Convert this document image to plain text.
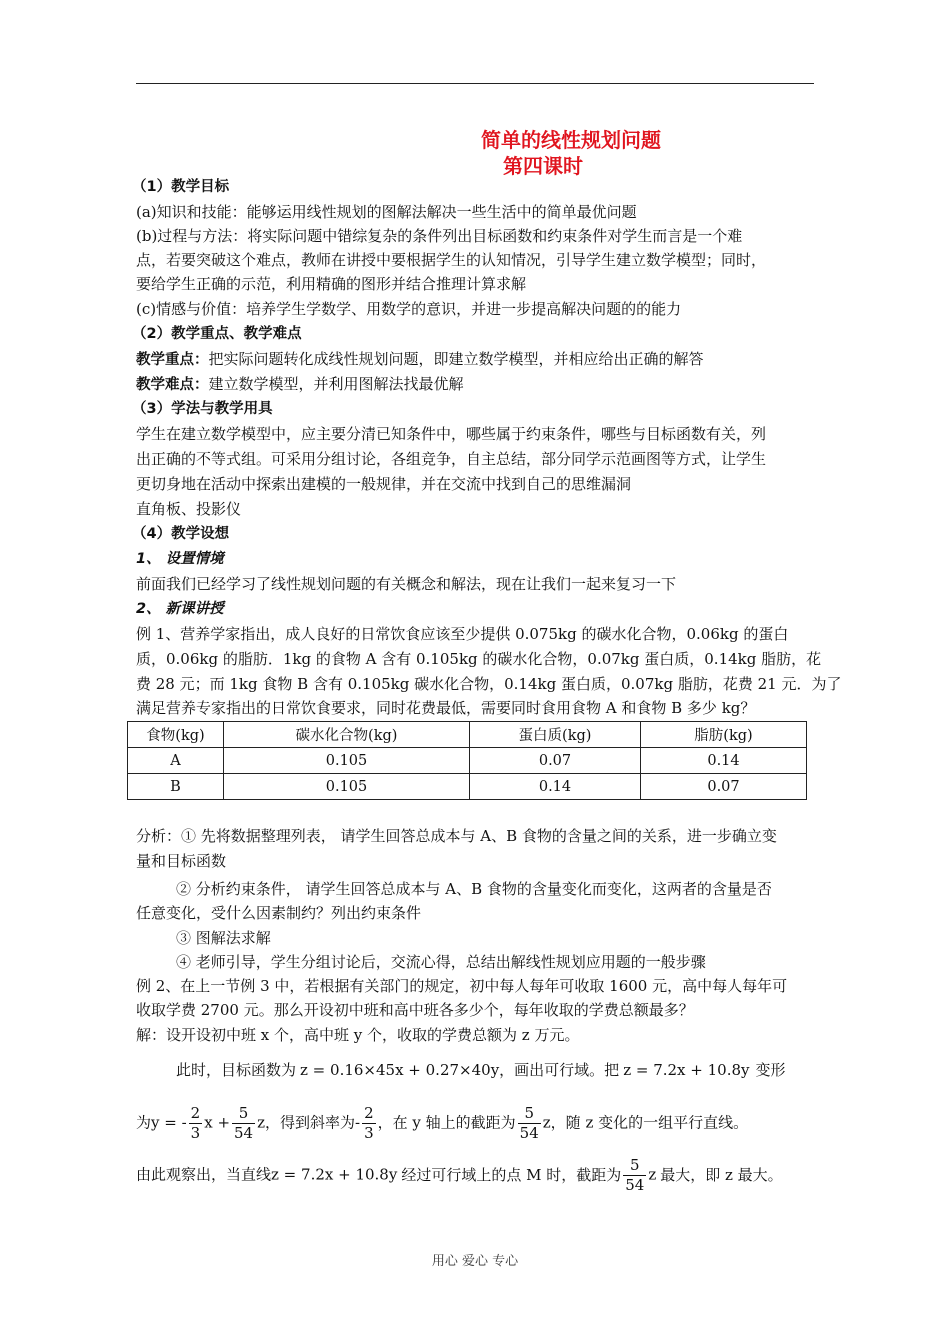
简单的线性规划问题
第四课时
（1）教学目标
(a)知识和技能：能够运用线性规划的图解法解决一些生活中的简单最优问题
(b)过程与方法：将实际问题中错综复杂的条件列出目标函数和约束条件对学生而言是一个难
点，若要突破这个难点，教师在讲授中要根据学生的认知情况，引导学生建立数学模型；同时，
要给学生正确的示范，利用精确的图形并结合推理计算求解
(c)情感与价值：培养学生学数学、用数学的意识，并进一步提高解决问题的的能力
（2）教学重点、教学难点
教学重点：把实际问题转化成线性规划问题，即建立数学模型，并相应给出正确的解答
教学难点：建立数学模型，并利用图解法找最优解
（3）学法与教学用具
学生在建立数学模型中，应主要分清已知条件中，哪些属于约束条件，哪些与目标函数有关，列
出正确的不等式组。可采用分组讨论，各组竞争，自主总结，部分同学示范画图等方式，让学生
更切身地在活动中探索出建模的一般规律，并在交流中找到自己的思维漏洞
直角板、投影仪
（4）教学设想
1、 设置情境
前面我们已经学习了线性规划问题的有关概念和解法，现在让我们一起来复习一下
2、 新课讲授
例 1、营养学家指出，成人良好的日常饮食应该至少提供 0.075kg 的碳水化合物，0.06kg 的蛋白
质，0.06kg 的脂肪．1kg 的食物 A 含有 0.105kg 的碳水化合物，0.07kg 蛋白质，0.14kg 脂肪，花
费 28 元；而 1kg 食物 B 含有 0.105kg 碳水化合物，0.14kg 蛋白质，0.07kg 脂肪，花费 21 元．为了
满足营养专家指出的日常饮食要求，同时花费最低，需要同时食用食物 A 和食物 B 多少 kg？
食物(kg)	碳水化合物(kg)	蛋白质(kg)	脂肪(kg)
A	0.105	0.07	0.14
B	0.105	0.14	0.07
分析：① 先将数据整理列表， 请学生回答总成本与 A、B 食物的含量之间的关系，进一步确立变
量和目标函数
② 分析约束条件， 请学生回答总成本与 A、B 食物的含量变化而变化，这两者的含量是否
任意变化，受什么因素制约？列出约束条件
③ 图解法求解
④ 老师引导，学生分组讨论后，交流心得，总结出解线性规划应用题的一般步骤
例 2、在上一节例 3 中，若根据有关部门的规定，初中每人每年可收取 1600 元，高中每人每年可
收取学费 2700 元。那么开设初中班和高中班各多少个，每年收取的学费总额最多？
解：设开设初中班 x 个，高中班 y 个，收取的学费总额为 z 万元。
此时，目标函数为 z = 0.16×45x + 0.27×40y，画出可行域。把 z = 7.2x + 10.8y 变形
为y = - $\frac{2}{3}$ $x + \frac{5}{54}$ z，得到斜率为- $\frac{2}{3}$ ，在 y 轴上的截距为 $\frac{5}{54}$ z，随 z 变化的一组平行直线。
由此观察出，当直线z = 7.2x + 10.8y 经过可行域上的点 M 时，截距为 $\frac{5}{54}$ z 最大，即 z 最大。
用心 爱心 专心
